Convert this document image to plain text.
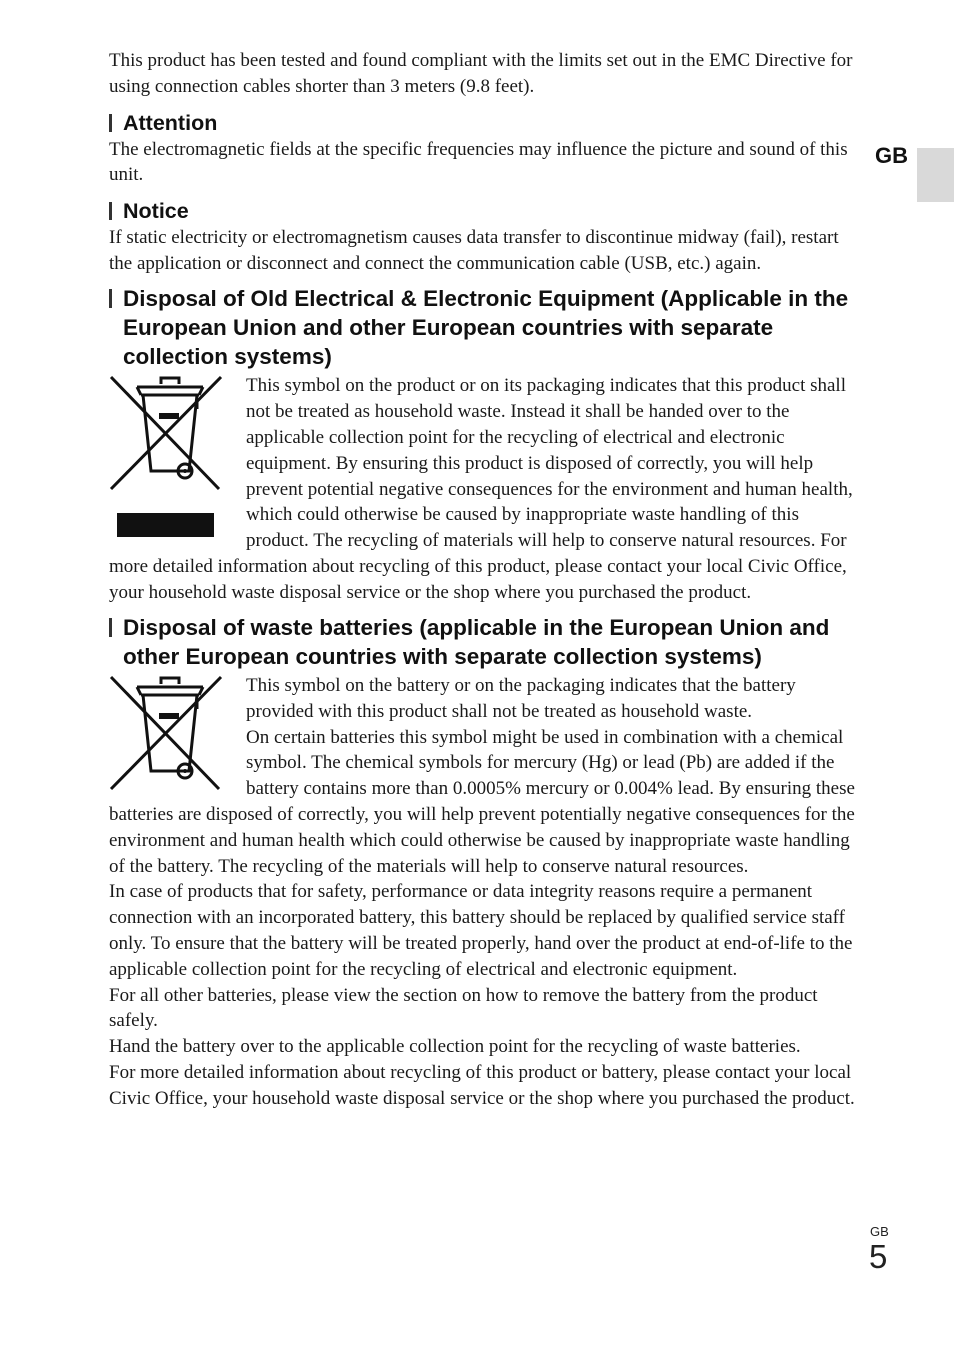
GB

This product has been tested and found compliant with the limits set out in the EMC Directive for using connection cables shorter than 3 meters (9.8 feet).

Attention

The electromagnetic fields at the specific frequencies may influence the picture and sound of this unit.

Notice

If static electricity or electromagnetism causes data transfer to discontinue midway (fail), restart the application or disconnect and connect the communication cable (USB, etc.) again.

Disposal of Old Electrical & Electronic Equipment (Applicable in the European Union and other European countries with separate collection systems)

This symbol on the product or on its packaging indicates that this product shall not be treated as household waste. Instead it shall be handed over to the applicable collection point for the recycling of electrical and electronic equipment. By ensuring this product is disposed of correctly, you will help prevent potential negative consequences for the environment and human health, which could otherwise be caused by inappropriate waste handling of this product. The recycling of materials will help to conserve natural resources. For more detailed information about recycling of this product, please contact your local Civic Office, your household waste disposal service or the shop where you purchased the product.

Disposal of waste batteries (applicable in the European Union and other European countries with separate collection systems)

This symbol on the battery or on the packaging indicates that the battery provided with this product shall not be treated as household waste.

On certain batteries this symbol might be used in combination with a chemical symbol. The chemical symbols for mercury (Hg) or lead (Pb) are added if the battery contains more than 0.0005% mercury or 0.004% lead. By ensuring these batteries are disposed of correctly, you will help prevent potentially negative consequences for the environment and human health which could otherwise be caused by inappropriate waste handling of the battery. The recycling of the materials will help to conserve natural resources.

In case of products that for safety, performance or data integrity reasons require a permanent connection with an incorporated battery, this battery should be replaced by qualified service staff only. To ensure that the battery will be treated properly, hand over the product at end-of-life to the applicable collection point for the recycling of electrical and electronic equipment.

For all other batteries, please view the section on how to remove the battery from the product safely.

Hand the battery over to the applicable collection point for the recycling of waste batteries.

For more detailed information about recycling of this product or battery, please contact your local Civic Office, your household waste disposal service or the shop where you purchased the product.

GB
5
